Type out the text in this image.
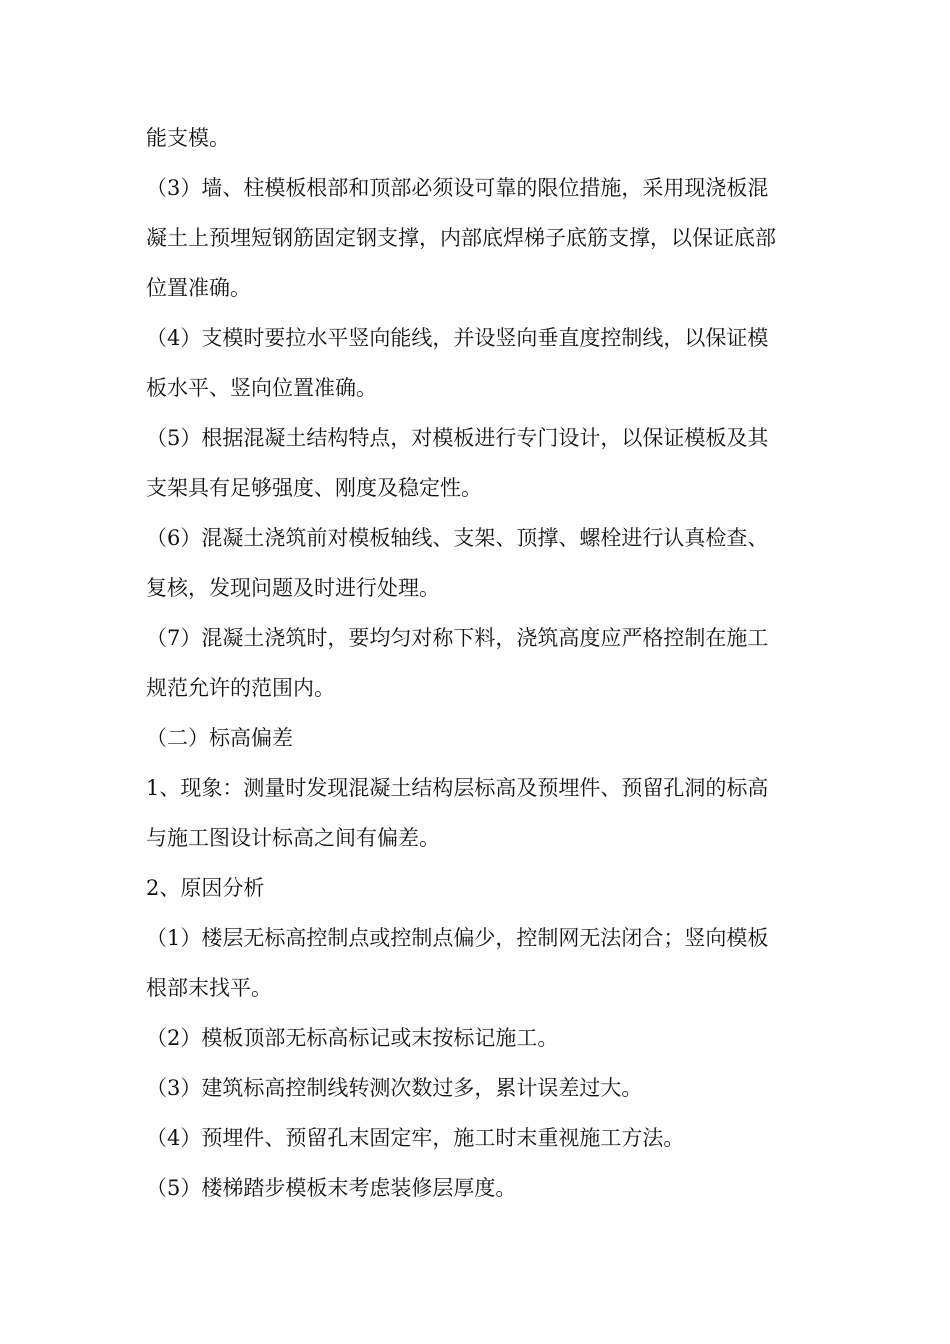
能支模。
（3）墙、柱模板根部和顶部必须设可靠的限位措施，采用现浇板混
凝土上预埋短钢筋固定钢支撑，内部底焊梯子底筋支撑，以保证底部
位置准确。
（4）支模时要拉水平竖向能线，并设竖向垂直度控制线，以保证模
板水平、竖向位置准确。
（5）根据混凝土结构特点，对模板进行专门设计，以保证模板及其
支架具有足够强度、刚度及稳定性。
（6）混凝土浇筑前对模板轴线、支架、顶撑、螺栓进行认真检查、
复核，发现问题及时进行处理。
（7）混凝土浇筑时，要均匀对称下料，浇筑高度应严格控制在施工
规范允许的范围内。
（二）标高偏差
1、现象：测量时发现混凝土结构层标高及预埋件、预留孔洞的标高
与施工图设计标高之间有偏差。
2、原因分析
（1）楼层无标高控制点或控制点偏少，控制网无法闭合；竖向模板
根部末找平。
（2）模板顶部无标高标记或末按标记施工。
（3）建筑标高控制线转测次数过多，累计误差过大。
（4）预埋件、预留孔末固定牢，施工时末重视施工方法。
（5）楼梯踏步模板末考虑装修层厚度。
